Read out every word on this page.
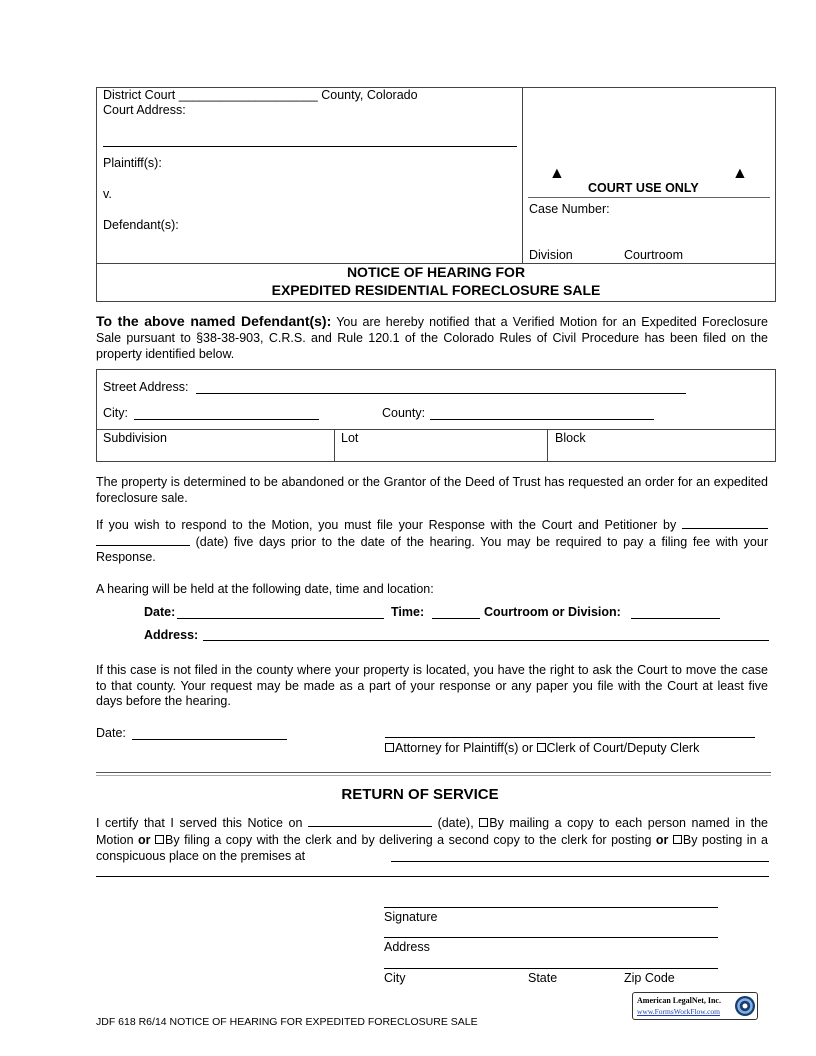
District Court ____________________ County, Colorado
Court Address:
Plaintiff(s):
v.
Defendant(s):
▲
COURT USE ONLY
▲
Case Number:
Division	Courtroom
NOTICE OF HEARING FOR
EXPEDITED RESIDENTIAL FORECLOSURE SALE
To the above named Defendant(s): You are hereby notified that a Verified Motion for an Expedited Foreclosure Sale pursuant to §38-38-903, C.R.S. and Rule 120.1 of the Colorado Rules of Civil Procedure has been filed on the property identified below.
Street Address:
City:	County:
Subdivision	Lot	Block
The property is determined to be abandoned or the Grantor of the Deed of Trust has requested an order for an expedited foreclosure sale.
If you wish to respond to the Motion, you must file your Response with the Court and Petitioner by   (date) five days prior to the date of the hearing. You may be required to pay a filing fee with your Response.
A hearing will be held at the following date, time and location:
Date:	Time:	Courtroom or Division:
Address:
If this case is not filed in the county where your property is located, you have the right to ask the Court to move the case to that county. Your request may be made as a part of your response or any paper you file with the Court at least five days before the hearing.
Date:
Attorney for Plaintiff(s) or Clerk of Court/Deputy Clerk
RETURN OF SERVICE
I certify that I served this Notice on	(date), By mailing a copy to each person named in the Motion or By filing a copy with the clerk and by delivering a second copy to the clerk for posting or By posting in a conspicuous place on the premises at
Signature
Address
City	State	Zip Code
JDF 618 R6/14 NOTICE OF HEARING FOR EXPEDITED FORECLOSURE SALE
American LegalNet, Inc.
www.FormsWorkFlow.com
